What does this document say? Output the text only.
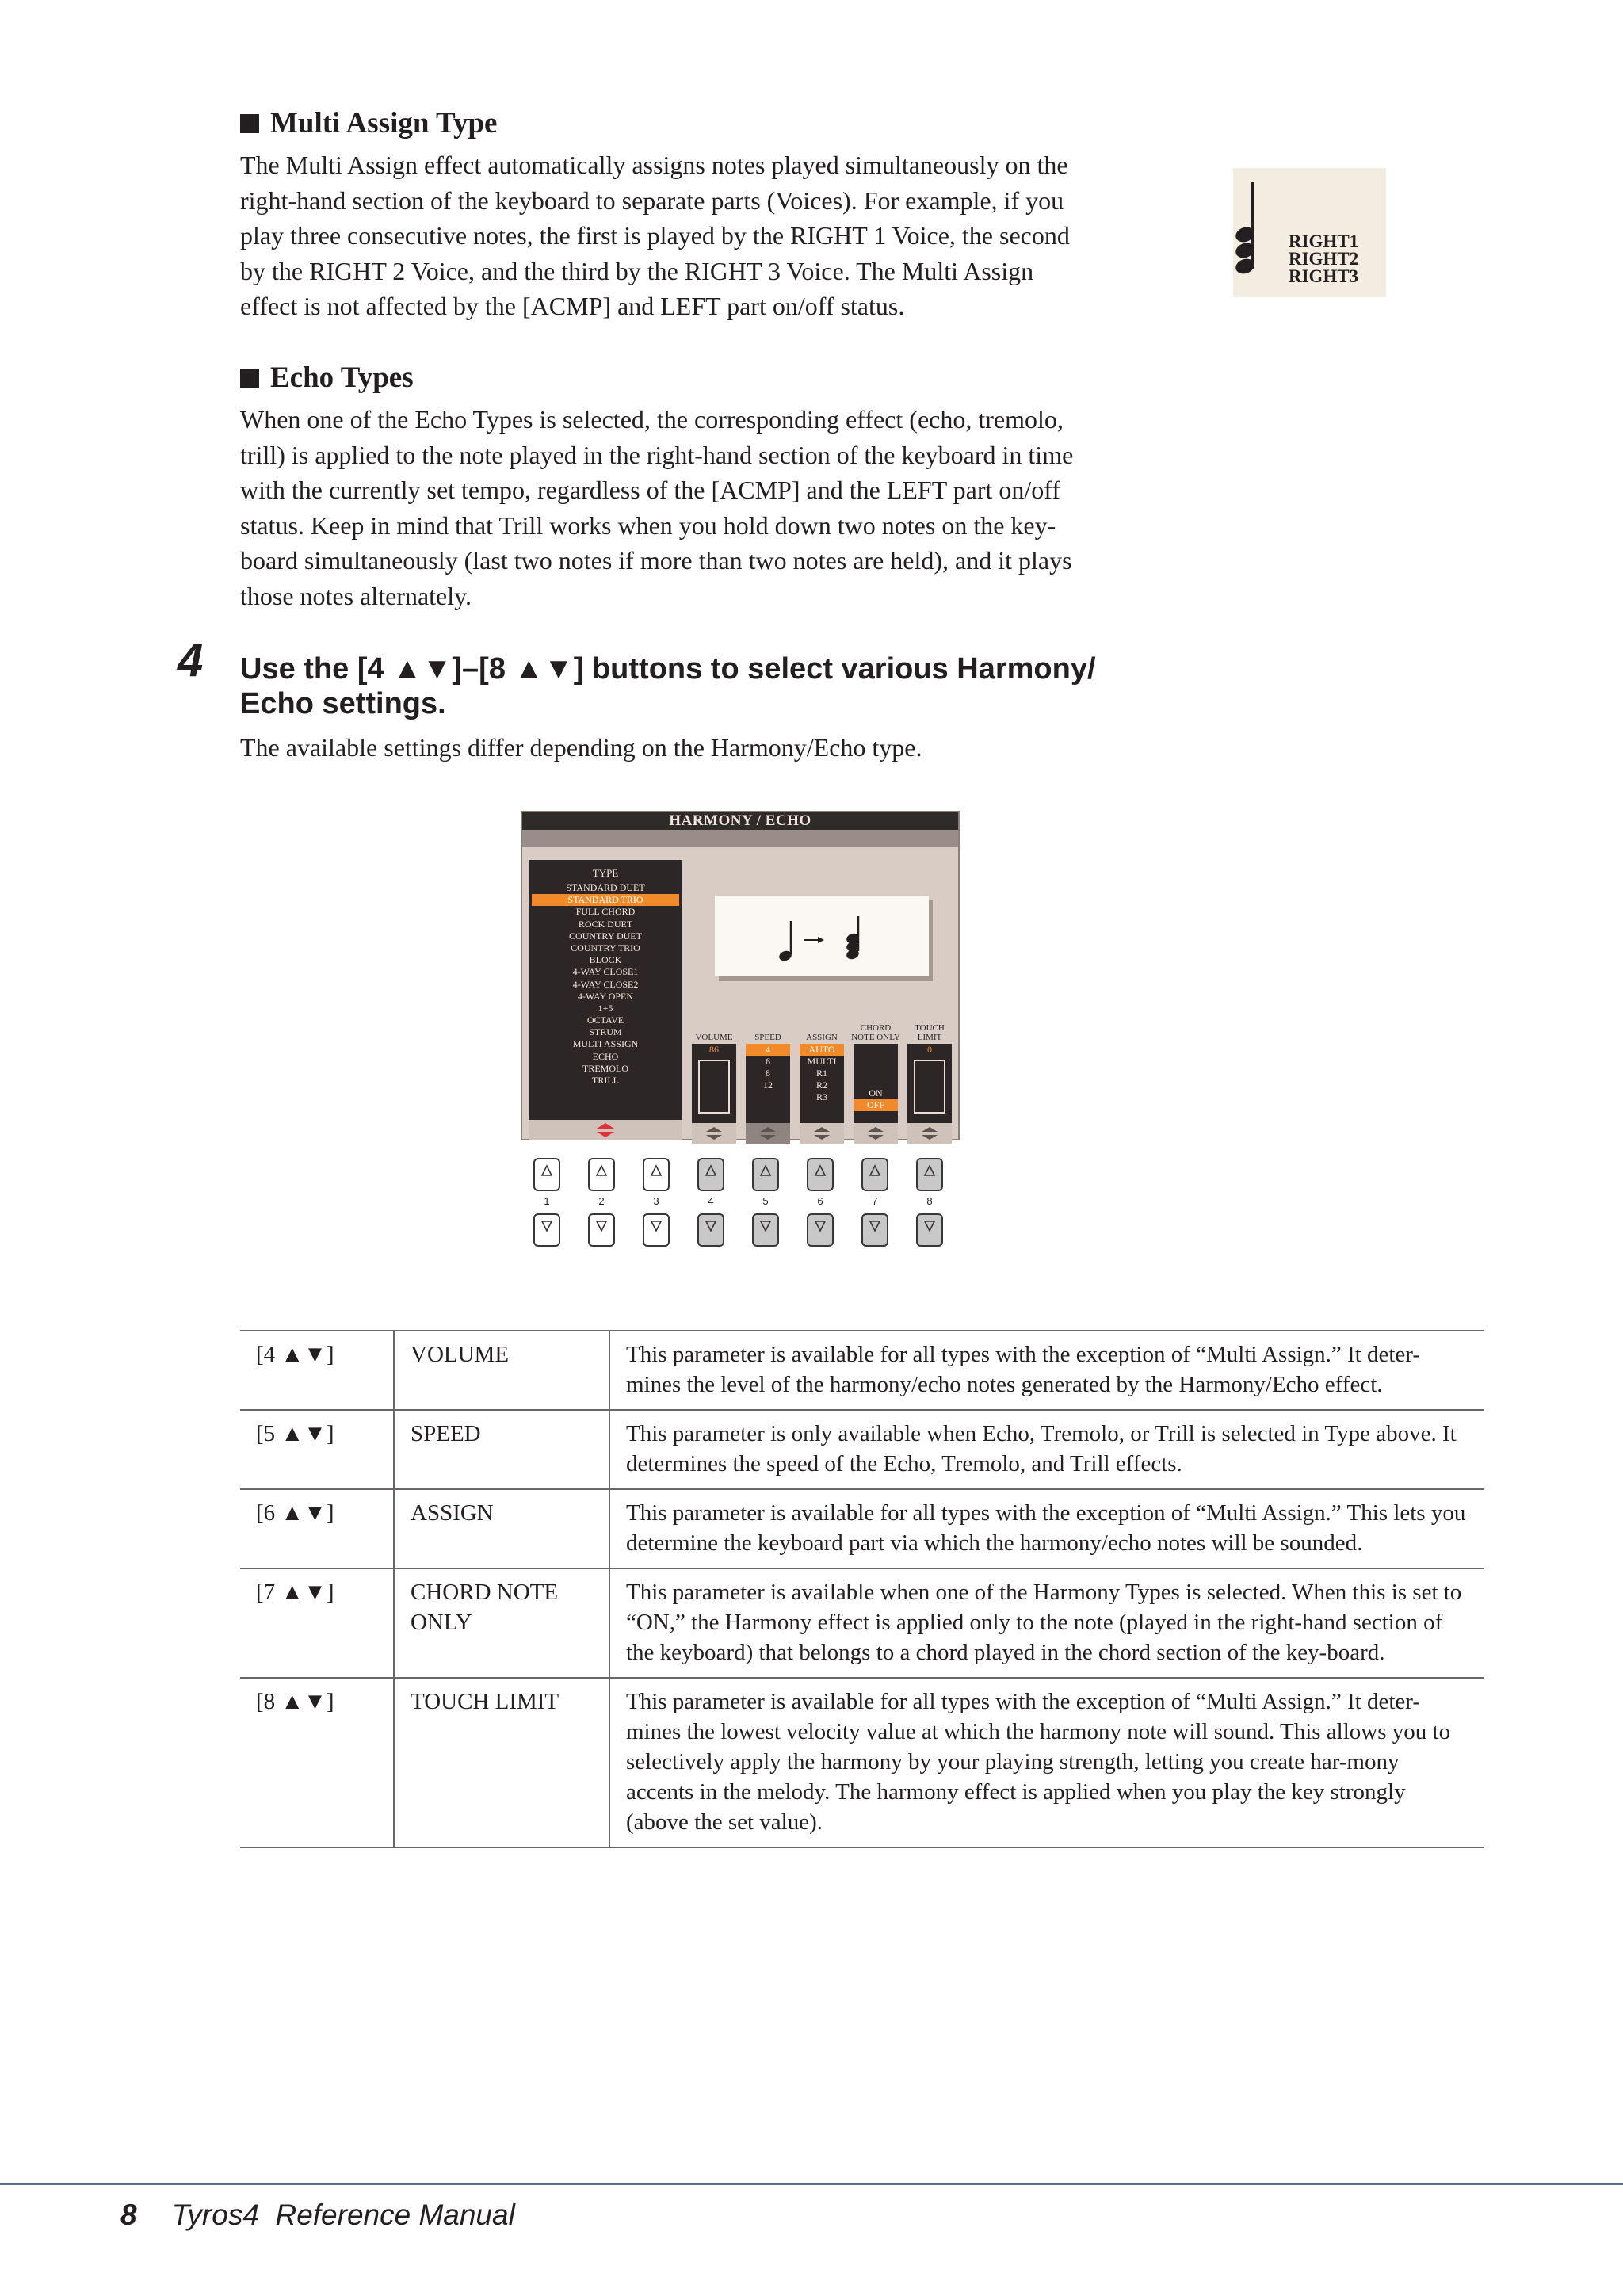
Multi Assign Type

The Multi Assign effect automatically assigns notes played simultaneously on the

right-hand section of the keyboard to separate parts (Voices). For example, if you

play three consecutive notes, the first is played by the RIGHT 1 Voice, the second

by the RIGHT 2 Voice, and the third by the RIGHT 3 Voice. The Multi Assign

effect is not affected by the [ACMP] and LEFT part on/off status.

RIGHT1
RIGHT2
RIGHT3
Echo Types

When one of the Echo Types is selected, the corresponding effect (echo, tremolo,

trill) is applied to the note played in the right-hand section of the keyboard in time

with the currently set tempo, regardless of the [ACMP] and the LEFT part on/off

status. Keep in mind that Trill works when you hold down two notes on the key-

board simultaneously (last two notes if more than two notes are held), and it plays

those notes alternately.

4 Use the [4 ▲▼]–[8 ▲▼] buttons to select various Harmony/
Echo settings.
The available settings differ depending on the Harmony/Echo type.
HARMONY / ECHO
TYPE
STANDARD DUET
STANDARD TRIO
FULL CHORD
ROCK DUET
COUNTRY DUET
COUNTRY TRIO
BLOCK
4-WAY CLOSE1
4-WAY CLOSE2
4-WAY OPEN
1+5
OCTAVE
STRUM
MULTI ASSIGN
ECHO
TREMOLO
TRILL
VOLUME	SPEED	ASSIGN
CHORD
NOTE ONLY
TOUCH
LIMIT
86	4
6
8
12
AUTO
MULTI
R1
R2
R3	ON
OFF
0
1	2	3	4	5	6	7	8
[4 ▲▼]	VOLUME	This parameter is available for all types with the exception of “Multi Assign.” It deter-mines the level of the harmony/echo notes generated by the Harmony/Echo effect.
[5 ▲▼]	SPEED	This parameter is only available when Echo, Tremolo, or Trill is selected in Type above. It determines the speed of the Echo, Tremolo, and Trill effects.
[6 ▲▼]	ASSIGN	This parameter is available for all types with the exception of “Multi Assign.” This lets you determine the keyboard part via which the harmony/echo notes will be sounded.
[7 ▲▼]	CHORD NOTE ONLY	This parameter is available when one of the Harmony Types is selected. When this is set to “ON,” the Harmony effect is applied only to the note (played in the right-hand section of the keyboard) that belongs to a chord played in the chord section of the key-board.
[8 ▲▼]	TOUCH LIMIT	This parameter is available for all types with the exception of “Multi Assign.” It deter-mines the lowest velocity value at which the harmony note will sound. This allows you to selectively apply the harmony by your playing strength, letting you create har-mony accents in the melody. The harmony effect is applied when you play the key strongly (above the set value).
8 Tyros4  Reference Manual
